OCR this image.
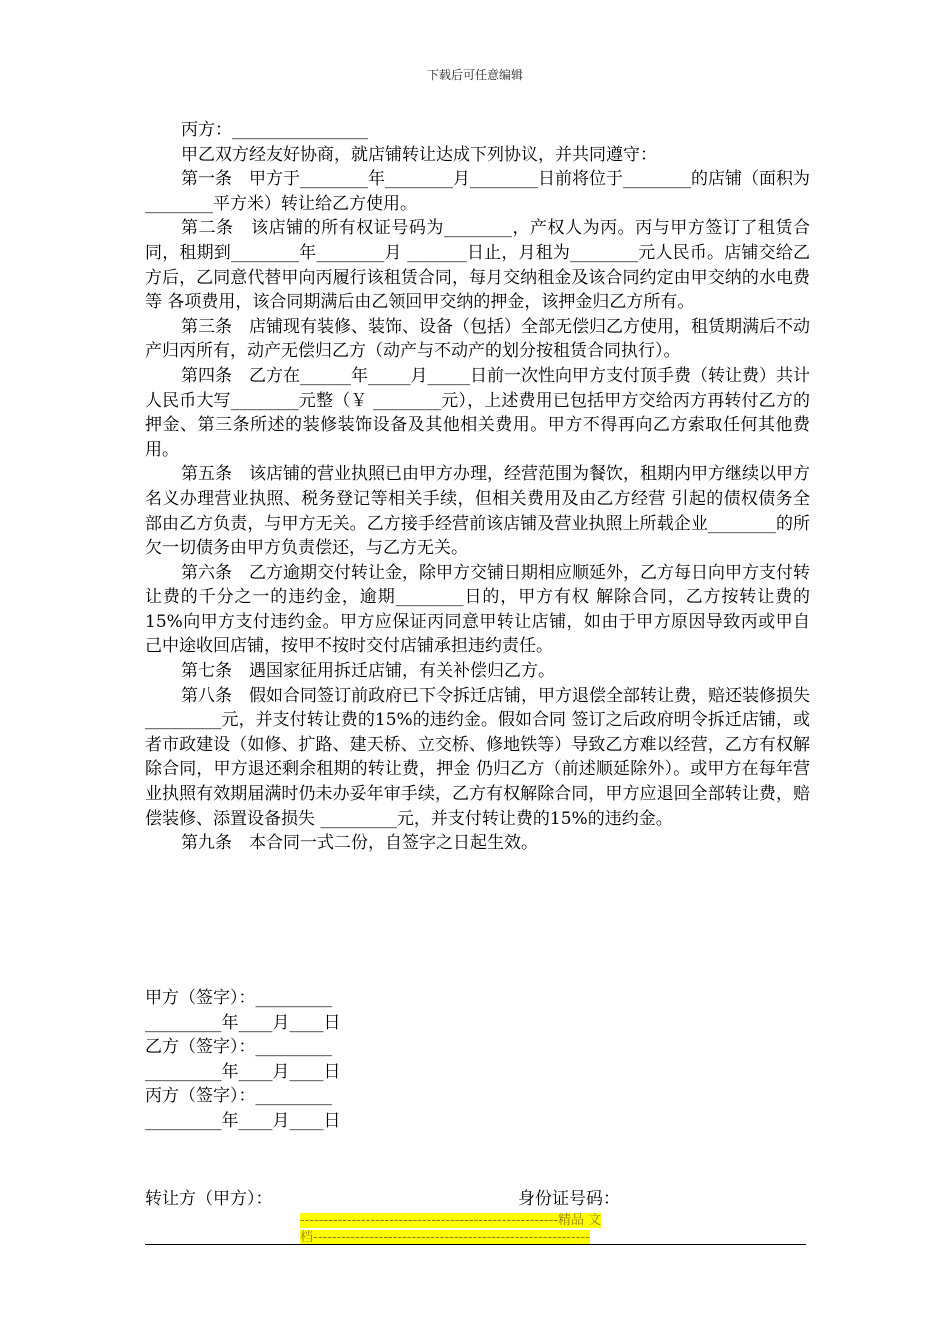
下载后可任意编辑

丙方：________________

甲乙双方经友好协商，就店铺转让达成下列协议，并共同遵守：

第一条　甲方于________年________月________日前将位于________的店铺（面积为________平方米）转让给乙方使用。

第二条　该店铺的所有权证号码为________，产权人为丙。丙与甲方签订了租赁合同，租期到________年________月 _______日止，月租为________元人民币。店铺交给乙方后，乙同意代替甲向丙履行该租赁合同，每月交纳租金及该合同约定由甲交纳的水电费等 各项费用，该合同期满后由乙领回甲交纳的押金，该押金归乙方所有。

第三条　店铺现有装修、装饰、设备（包括）全部无偿归乙方使用，租赁期满后不动产归丙所有，动产无偿归乙方（动产与不动产的划分按租赁合同执行）。

第四条　乙方在______年_____月_____日前一次性向甲方支付顶手费（转让费）共计人民币大写________元整（￥ ________元），上述费用已包括甲方交给丙方再转付乙方的押金、第三条所述的装修装饰设备及其他相关费用。甲方不得再向乙方索取任何其他费用。

第五条　该店铺的营业执照已由甲方办理，经营范围为餐饮，租期内甲方继续以甲方名义办理营业执照、税务登记等相关手续，但相关费用及由乙方经营 引起的债权债务全部由乙方负责，与甲方无关。乙方接手经营前该店铺及营业执照上所载企业________的所欠一切债务由甲方负责偿还，与乙方无关。

第六条　乙方逾期交付转让金，除甲方交铺日期相应顺延外，乙方每日向甲方支付转让费的千分之一的违约金，逾期________日的，甲方有权 解除合同，乙方按转让费的15%向甲方支付违约金。甲方应保证丙同意甲转让店铺，如由于甲方原因导致丙或甲自己中途收回店铺，按甲不按时交付店铺承担违约责任。

第七条　遇国家征用拆迁店铺，有关补偿归乙方。

第八条　假如合同签订前政府已下令拆迁店铺，甲方退偿全部转让费，赔还装修损失_________元，并支付转让费的15%的违约金。假如合同 签订之后政府明令拆迁店铺，或者市政建设（如修、扩路、建天桥、立交桥、修地铁等）导致乙方难以经营，乙方有权解除合同，甲方退还剩余租期的转让费，押金 仍归乙方（前述顺延除外）。或甲方在每年营业执照有效期届满时仍未办妥年审手续，乙方有权解除合同，甲方应退回全部转让费，赔偿装修、添置设备损失 _________元，并支付转让费的15%的违约金。

第九条　本合同一式二份，自签字之日起生效。

甲方（签字）：_________

_________年____月____日

乙方（签字）：_________

_________年____月____日

丙方（签字）：_________

_________年____月____日

转让方（甲方）：	身份证号码：
-------------------------------------------------------精品 文
档-----------------------------------------------------------
